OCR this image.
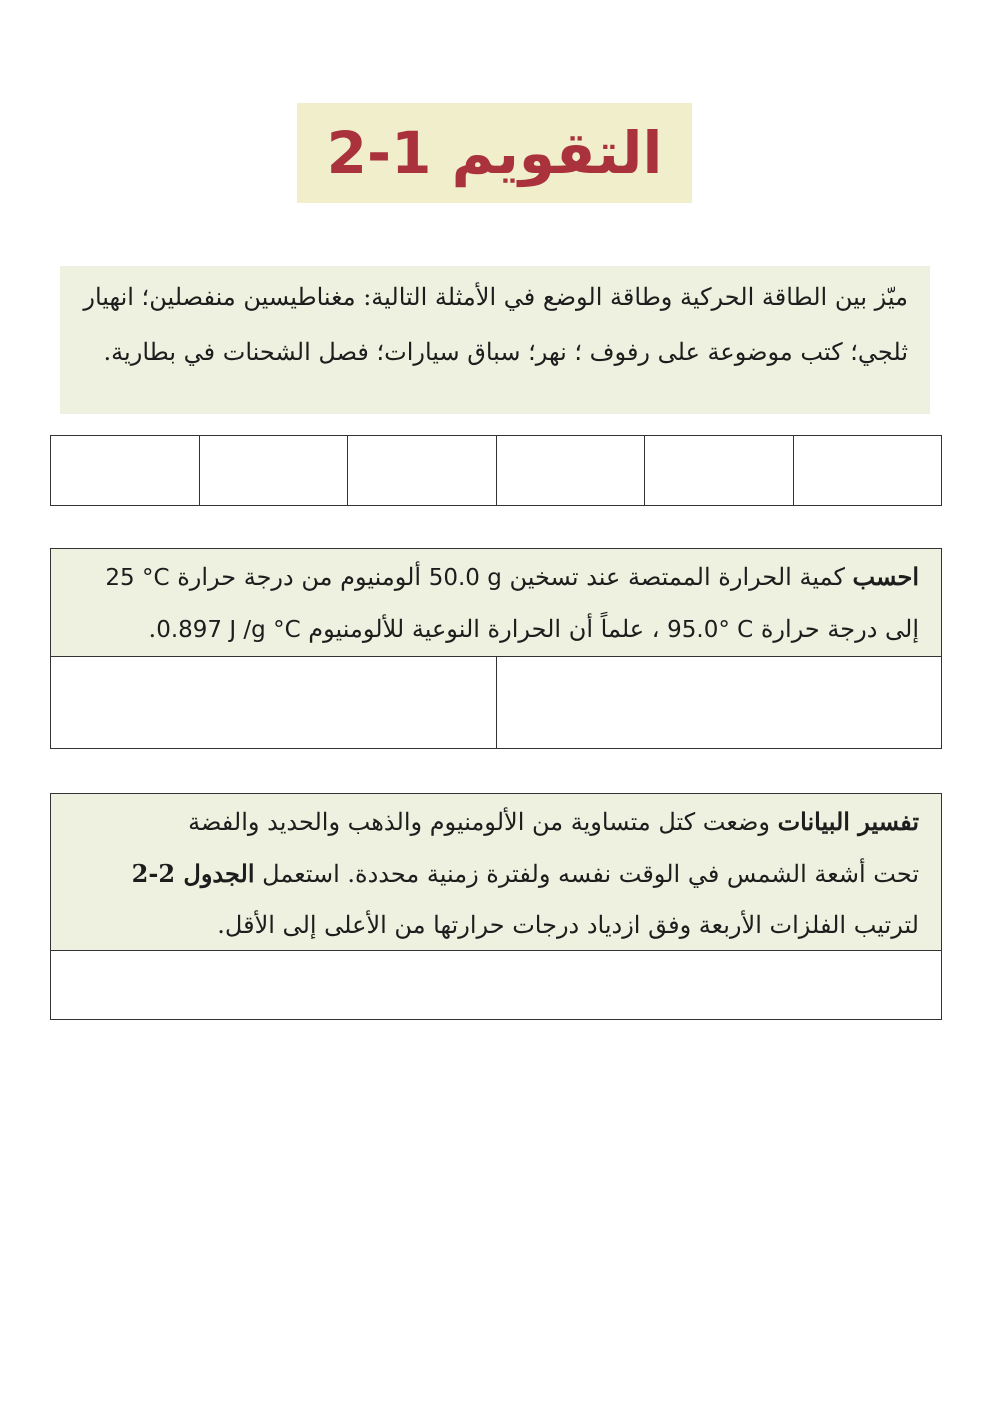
التقويم 1-2

ميّز بين الطاقة الحركية وطاقة الوضع في الأمثلة التالية: مغناطيسين منفصلين؛ انهيار ثلجي؛ كتب موضوعة على رفوف ؛ نهر؛ سباق سيارات؛ فصل الشحنات في بطارية.

احسب كمية الحرارة الممتصة عند تسخين 50.0 g ألومنيوم من درجة حرارة 25 °C

إلى درجة حرارة 95.0° C ، علماً أن الحرارة النوعية للألومنيوم 0.897 J /g °C.

تفسير البيانات وضعت كتل متساوية من الألومنيوم والذهب والحديد والفضة

تحت أشعة الشمس في الوقت نفسه ولفترة زمنية محددة. استعمل الجدول 2-2

لترتيب الفلزات الأربعة وفق ازدياد درجات حرارتها من الأعلى إلى الأقل.
